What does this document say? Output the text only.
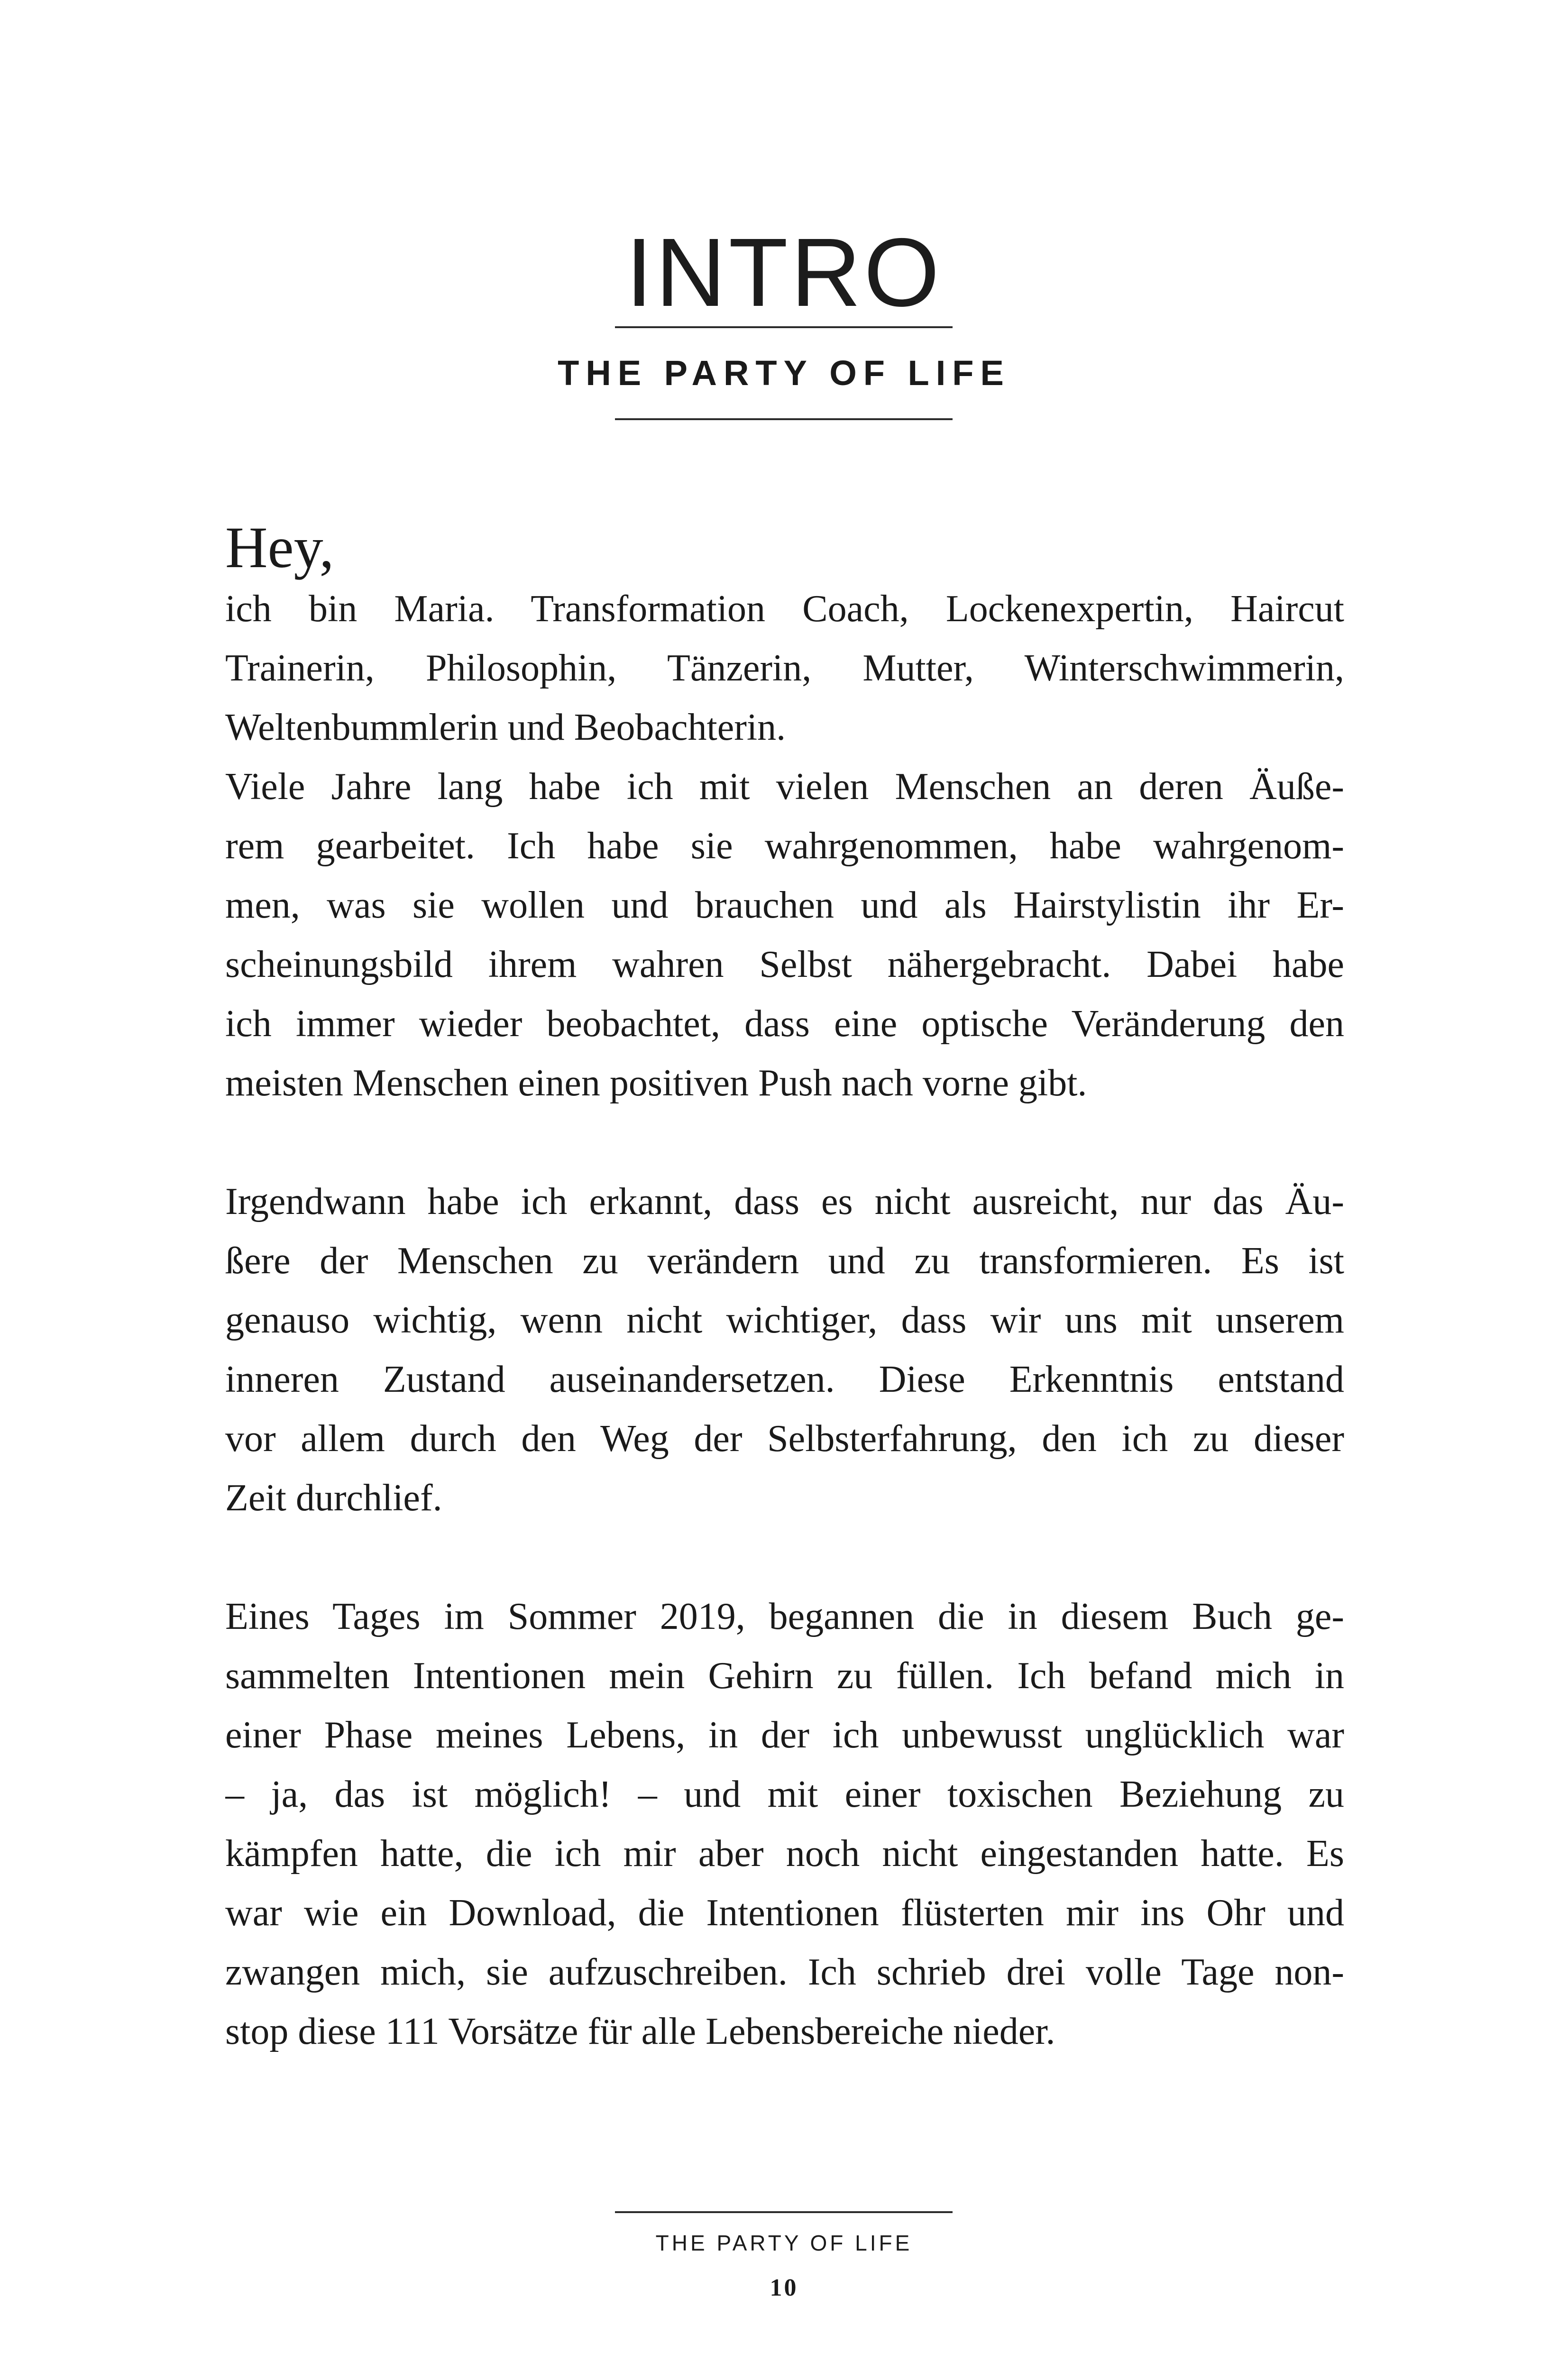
INTRO
THE PARTY OF LIFE
Hey,
ich bin Maria. Transformation Coach, Lockenexpertin, Haircut
Trainerin, Philosophin, Tänzerin, Mutter, Winterschwimmerin,
Weltenbummlerin und Beobachterin.
Viele Jahre lang habe ich mit vielen Menschen an deren Äuße-
rem gearbeitet. Ich habe sie wahrgenommen, habe wahrgenom-
men, was sie wollen und brauchen und als Hairstylistin ihr Er-
scheinungsbild ihrem wahren Selbst nähergebracht. Dabei habe
ich immer wieder beobachtet, dass eine optische Veränderung den
meisten Menschen einen positiven Push nach vorne gibt.
Irgendwann habe ich erkannt, dass es nicht ausreicht, nur das Äu-
ßere der Menschen zu verändern und zu transformieren. Es ist
genauso wichtig, wenn nicht wichtiger, dass wir uns mit unserem
inneren Zustand auseinandersetzen. Diese Erkenntnis entstand
vor allem durch den Weg der Selbsterfahrung, den ich zu dieser
Zeit durchlief.
Eines Tages im Sommer 2019, begannen die in diesem Buch ge-
sammelten Intentionen mein Gehirn zu füllen. Ich befand mich in
einer Phase meines Lebens, in der ich unbewusst unglücklich war
– ja, das ist möglich! – und mit einer toxischen Beziehung zu
kämpfen hatte, die ich mir aber noch nicht eingestanden hatte. Es
war wie ein Download, die Intentionen flüsterten mir ins Ohr und
zwangen mich, sie aufzuschreiben. Ich schrieb drei volle Tage non-
stop diese 111 Vorsätze für alle Lebensbereiche nieder.
THE PARTY OF LIFE
10
